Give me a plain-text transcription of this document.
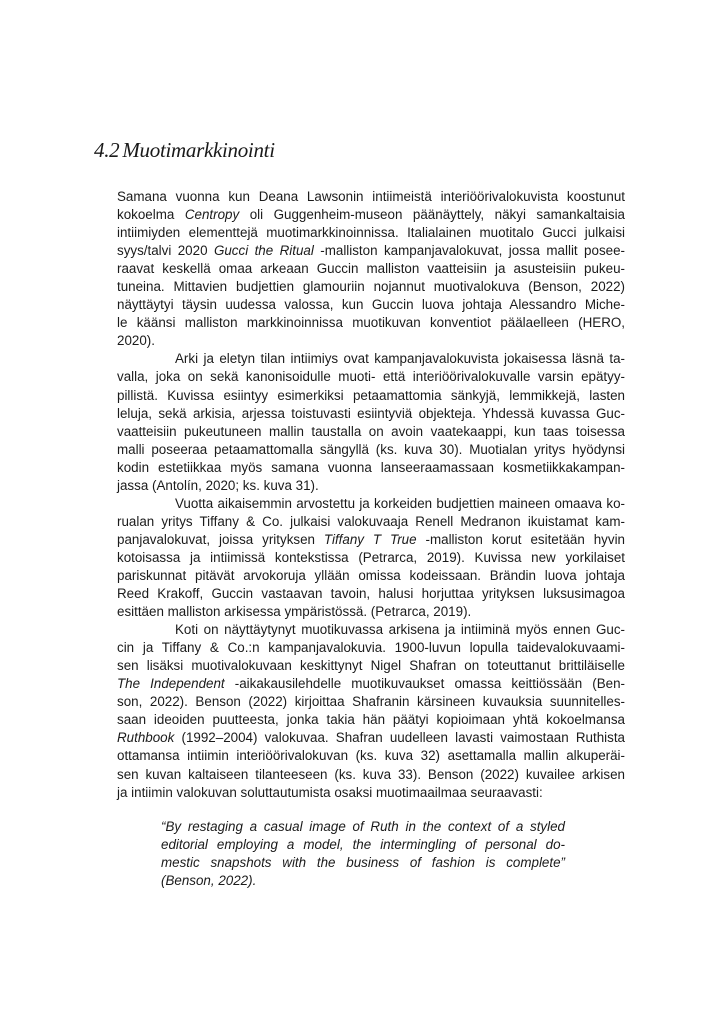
4.2 Muotimarkkinointi
Samana vuonna kun Deana Lawsonin intiimeistä interiöörivalokuvista koostunut
kokoelma Centropy oli Guggenheim-museon päänäyttely, näkyi samankaltaisia
intiimiyden elementtejä muotimarkkinoinnissa. Italialainen muotitalo Gucci julkaisi
syys/talvi 2020 Gucci the Ritual -malliston kampanjavalokuvat, jossa mallit posee-
raavat keskellä omaa arkeaan Guccin malliston vaatteisiin ja asusteisiin pukeu-
tuneina. Mittavien budjettien glamouriin nojannut muotivalokuva (Benson, 2022)
näyttäytyi täysin uudessa valossa, kun Guccin luova johtaja Alessandro Miche-
le käänsi malliston markkinoinnissa muotikuvan konventiot päälaelleen (HERO,
2020).
Arki ja eletyn tilan intiimiys ovat kampanjavalokuvista jokaisessa läsnä ta-
valla, joka on sekä kanonisoidulle muoti- että interiöörivalokuvalle varsin epätyy-
pillistä. Kuvissa esiintyy esimerkiksi petaamattomia sänkyjä, lemmikkejä, lasten
leluja, sekä arkisia, arjessa toistuvasti esiintyviä objekteja. Yhdessä kuvassa Guc-
vaatteisiin pukeutuneen mallin taustalla on avoin vaatekaappi, kun taas toisessa
malli poseeraa petaamattomalla sängyllä (ks. kuva 30). Muotialan yritys hyödynsi
kodin estetiikkaa myös samana vuonna lanseeraamassaan kosmetiikkakampan-
jassa (Antolín, 2020; ks. kuva 31).
Vuotta aikaisemmin arvostettu ja korkeiden budjettien maineen omaava ko-
rualan yritys Tiffany & Co. julkaisi valokuvaaja Renell Medranon ikuistamat kam-
panjavalokuvat, joissa yrityksen Tiffany T True -malliston korut esitetään hyvin
kotoisassa ja intiimissä kontekstissa (Petrarca, 2019). Kuvissa new yorkilaiset
pariskunnat pitävät arvokoruja yllään omissa kodeissaan. Brändin luova johtaja
Reed Krakoff, Guccin vastaavan tavoin, halusi horjuttaa yrityksen luksusimagoa
esittäen malliston arkisessa ympäristössä. (Petrarca, 2019).
Koti on näyttäytynyt muotikuvassa arkisena ja intiiminä myös ennen Guc-
cin ja Tiffany & Co.:n kampanjavalokuvia. 1900-luvun lopulla taidevalokuvaami-
sen lisäksi muotivalokuvaan keskittynyt Nigel Shafran on toteuttanut brittiläiselle
The Independent -aikakausilehdelle muotikuvaukset omassa keittiössään (Ben-
son, 2022). Benson (2022) kirjoittaa Shafranin kärsineen kuvauksia suunnitelles-
saan ideoiden puutteesta, jonka takia hän päätyi kopioimaan yhtä kokoelmansa
Ruthbook (1992–2004) valokuvaa. Shafran uudelleen lavasti vaimostaan Ruthista
ottamansa intiimin interiöörivalokuvan (ks. kuva 32) asettamalla mallin alkuperäi-
sen kuvan kaltaiseen tilanteeseen (ks. kuva 33). Benson (2022) kuvailee arkisen
ja intiimin valokuvan soluttautumista osaksi muotimaailmaa seuraavasti:
“By restaging a casual image of Ruth in the context of a styled
editorial employing a model, the intermingling of personal do-
mestic snapshots with the business of fashion is complete”
(Benson, 2022).
